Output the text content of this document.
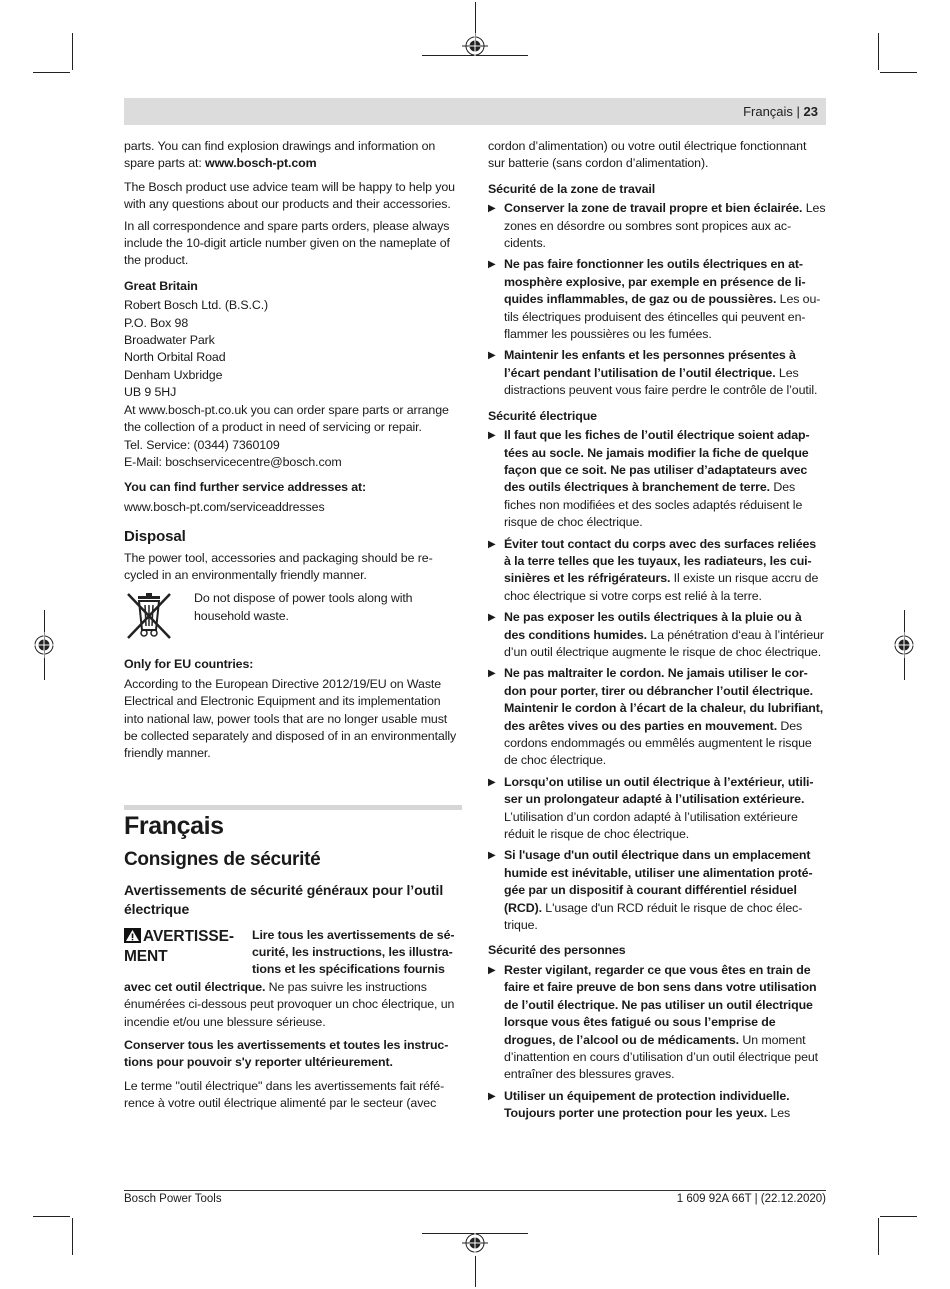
Français | 23

parts. You can find explosion drawings and information on spare parts at: www.bosch-pt.com

The Bosch product use advice team will be happy to help you with any questions about our products and their accessories.

In all correspondence and spare parts orders, please always include the 10‑digit article number given on the nameplate of the product.

Great Britain

Robert Bosch Ltd. (B.S.C.)
P.O. Box 98
Broadwater Park
North Orbital Road
Denham Uxbridge
UB 9 5HJ
At www.bosch-pt.co.uk you can order spare parts or arrange the collection of a product in need of servicing or repair.
Tel. Service: (0344) 7360109
E-Mail: boschservicecentre@bosch.com

You can find further service addresses at:

www.bosch-pt.com/serviceaddresses

Disposal

The power tool, accessories and packaging should be recycled in an environmentally friendly manner.

Do not dispose of power tools along with household waste.

Only for EU countries:

According to the European Directive 2012/19/EU on Waste Electrical and Electronic Equipment and its implementation into national law, power tools that are no longer usable must be collected separately and disposed of in an environmentally friendly manner.

Français
Consignes de sécurité
Avertissements de sécurité généraux pour l’outil électrique
AVERTISSEMENT
Lire tous les avertissements de sécurité, les instructions, les illustrations et les spécifications fournis

avec cet outil électrique. Ne pas suivre les instructions énumérées ci-dessous peut provoquer un choc électrique, un incendie et/ou une blessure sérieuse.

Conserver tous les avertissements et toutes les instructions pour pouvoir s'y reporter ultérieurement.

Le terme "outil électrique" dans les avertissements fait référence à votre outil électrique alimenté par le secteur (avec

cordon d’alimentation) ou votre outil électrique fonctionnant sur batterie (sans cordon d’alimentation).

Sécurité de la zone de travail

▶ Conserver la zone de travail propre et bien éclairée. Les zones en désordre ou sombres sont propices aux accidents.
▶ Ne pas faire fonctionner les outils électriques en atmosphère explosive, par exemple en présence de liquides inflammables, de gaz ou de poussières. Les outils électriques produisent des étincelles qui peuvent enflammer les poussières ou les fumées.
▶ Maintenir les enfants et les personnes présentes à l’écart pendant l’utilisation de l’outil électrique. Les distractions peuvent vous faire perdre le contrôle de l’outil.

Sécurité électrique

▶ Il faut que les fiches de l’outil électrique soient adaptées au socle. Ne jamais modifier la fiche de quelque façon que ce soit. Ne pas utiliser d’adaptateurs avec des outils électriques à branchement de terre. Des fiches non modifiées et des socles adaptés réduisent le risque de choc électrique.
▶ Éviter tout contact du corps avec des surfaces reliées à la terre telles que les tuyaux, les radiateurs, les cuisinières et les réfrigérateurs. Il existe un risque accru de choc électrique si votre corps est relié à la terre.
▶ Ne pas exposer les outils électriques à la pluie ou à des conditions humides. La pénétration d‘eau à l’intérieur d’un outil électrique augmente le risque de choc électrique.
▶ Ne pas maltraiter le cordon. Ne jamais utiliser le cordon pour porter, tirer ou débrancher l’outil électrique. Maintenir le cordon à l’écart de la chaleur, du lubrifiant, des arêtes vives ou des parties en mouvement. Des cordons endommagés ou emmêlés augmentent le risque de choc électrique.
▶ Lorsqu’on utilise un outil électrique à l’extérieur, utiliser un prolongateur adapté à l’utilisation extérieure. L’utilisation d’un cordon adapté à l’utilisation extérieure réduit le risque de choc électrique.
▶ Si l'usage d'un outil électrique dans un emplacement humide est inévitable, utiliser une alimentation protégée par un dispositif à courant différentiel résiduel (RCD). L'usage d'un RCD réduit le risque de choc électrique.

Sécurité des personnes

▶ Rester vigilant, regarder ce que vous êtes en train de faire et faire preuve de bon sens dans votre utilisation de l’outil électrique. Ne pas utiliser un outil électrique lorsque vous êtes fatigué ou sous l’emprise de drogues, de l’alcool ou de médicaments. Un moment d’inattention en cours d’utilisation d’un outil électrique peut entraîner des blessures graves.
▶ Utiliser un équipement de protection individuelle. Toujours porter une protection pour les yeux. Les
Bosch Power Tools	1 609 92A 66T | (22.12.2020)
